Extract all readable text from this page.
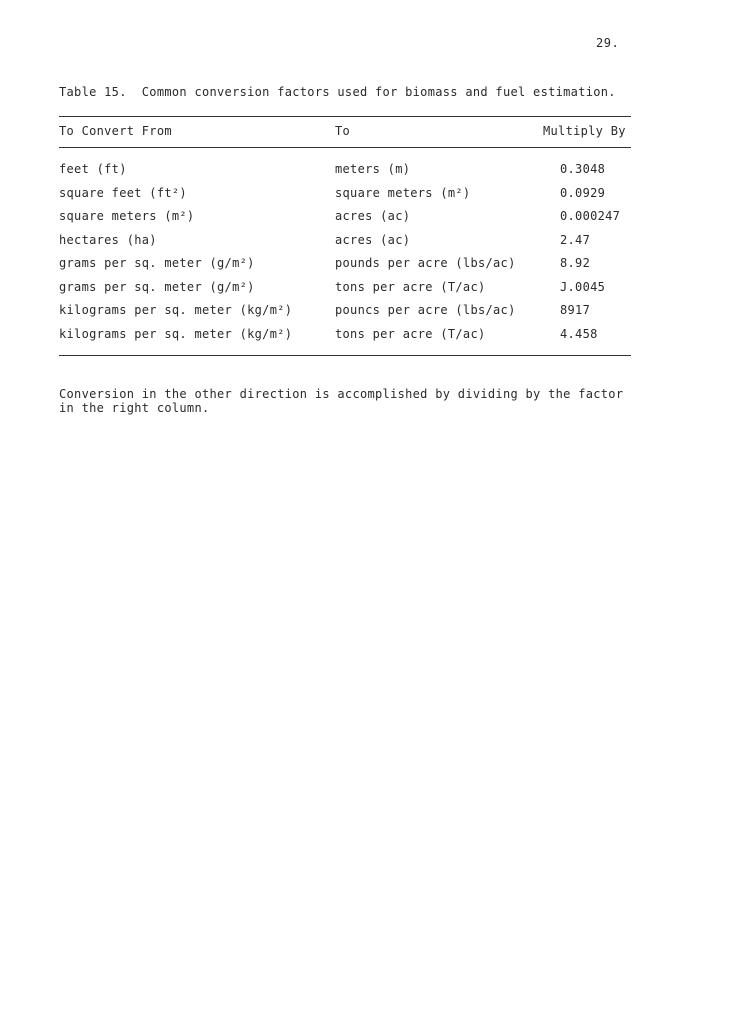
29.
Table 15.  Common conversion factors used for biomass and fuel estimation.
To Convert From	To	Multiply By
feet (ft)	meters (m)	0.3048
square feet (ft²)	square meters (m²)	0.0929
square meters (m²)	acres (ac)	0.000247
hectares (ha)	acres (ac)	2.47
grams per sq. meter (g/m²)	pounds per acre (lbs/ac)	8.92
grams per sq. meter (g/m²)	tons per acre (T/ac)	J.0045
kilograms per sq. meter (kg/m²)	pouncs per acre (lbs/ac)	8917
kilograms per sq. meter (kg/m²)	tons per acre (T/ac)	4.458
Conversion in the other direction is accomplished by dividing by the factor
in the right column.
